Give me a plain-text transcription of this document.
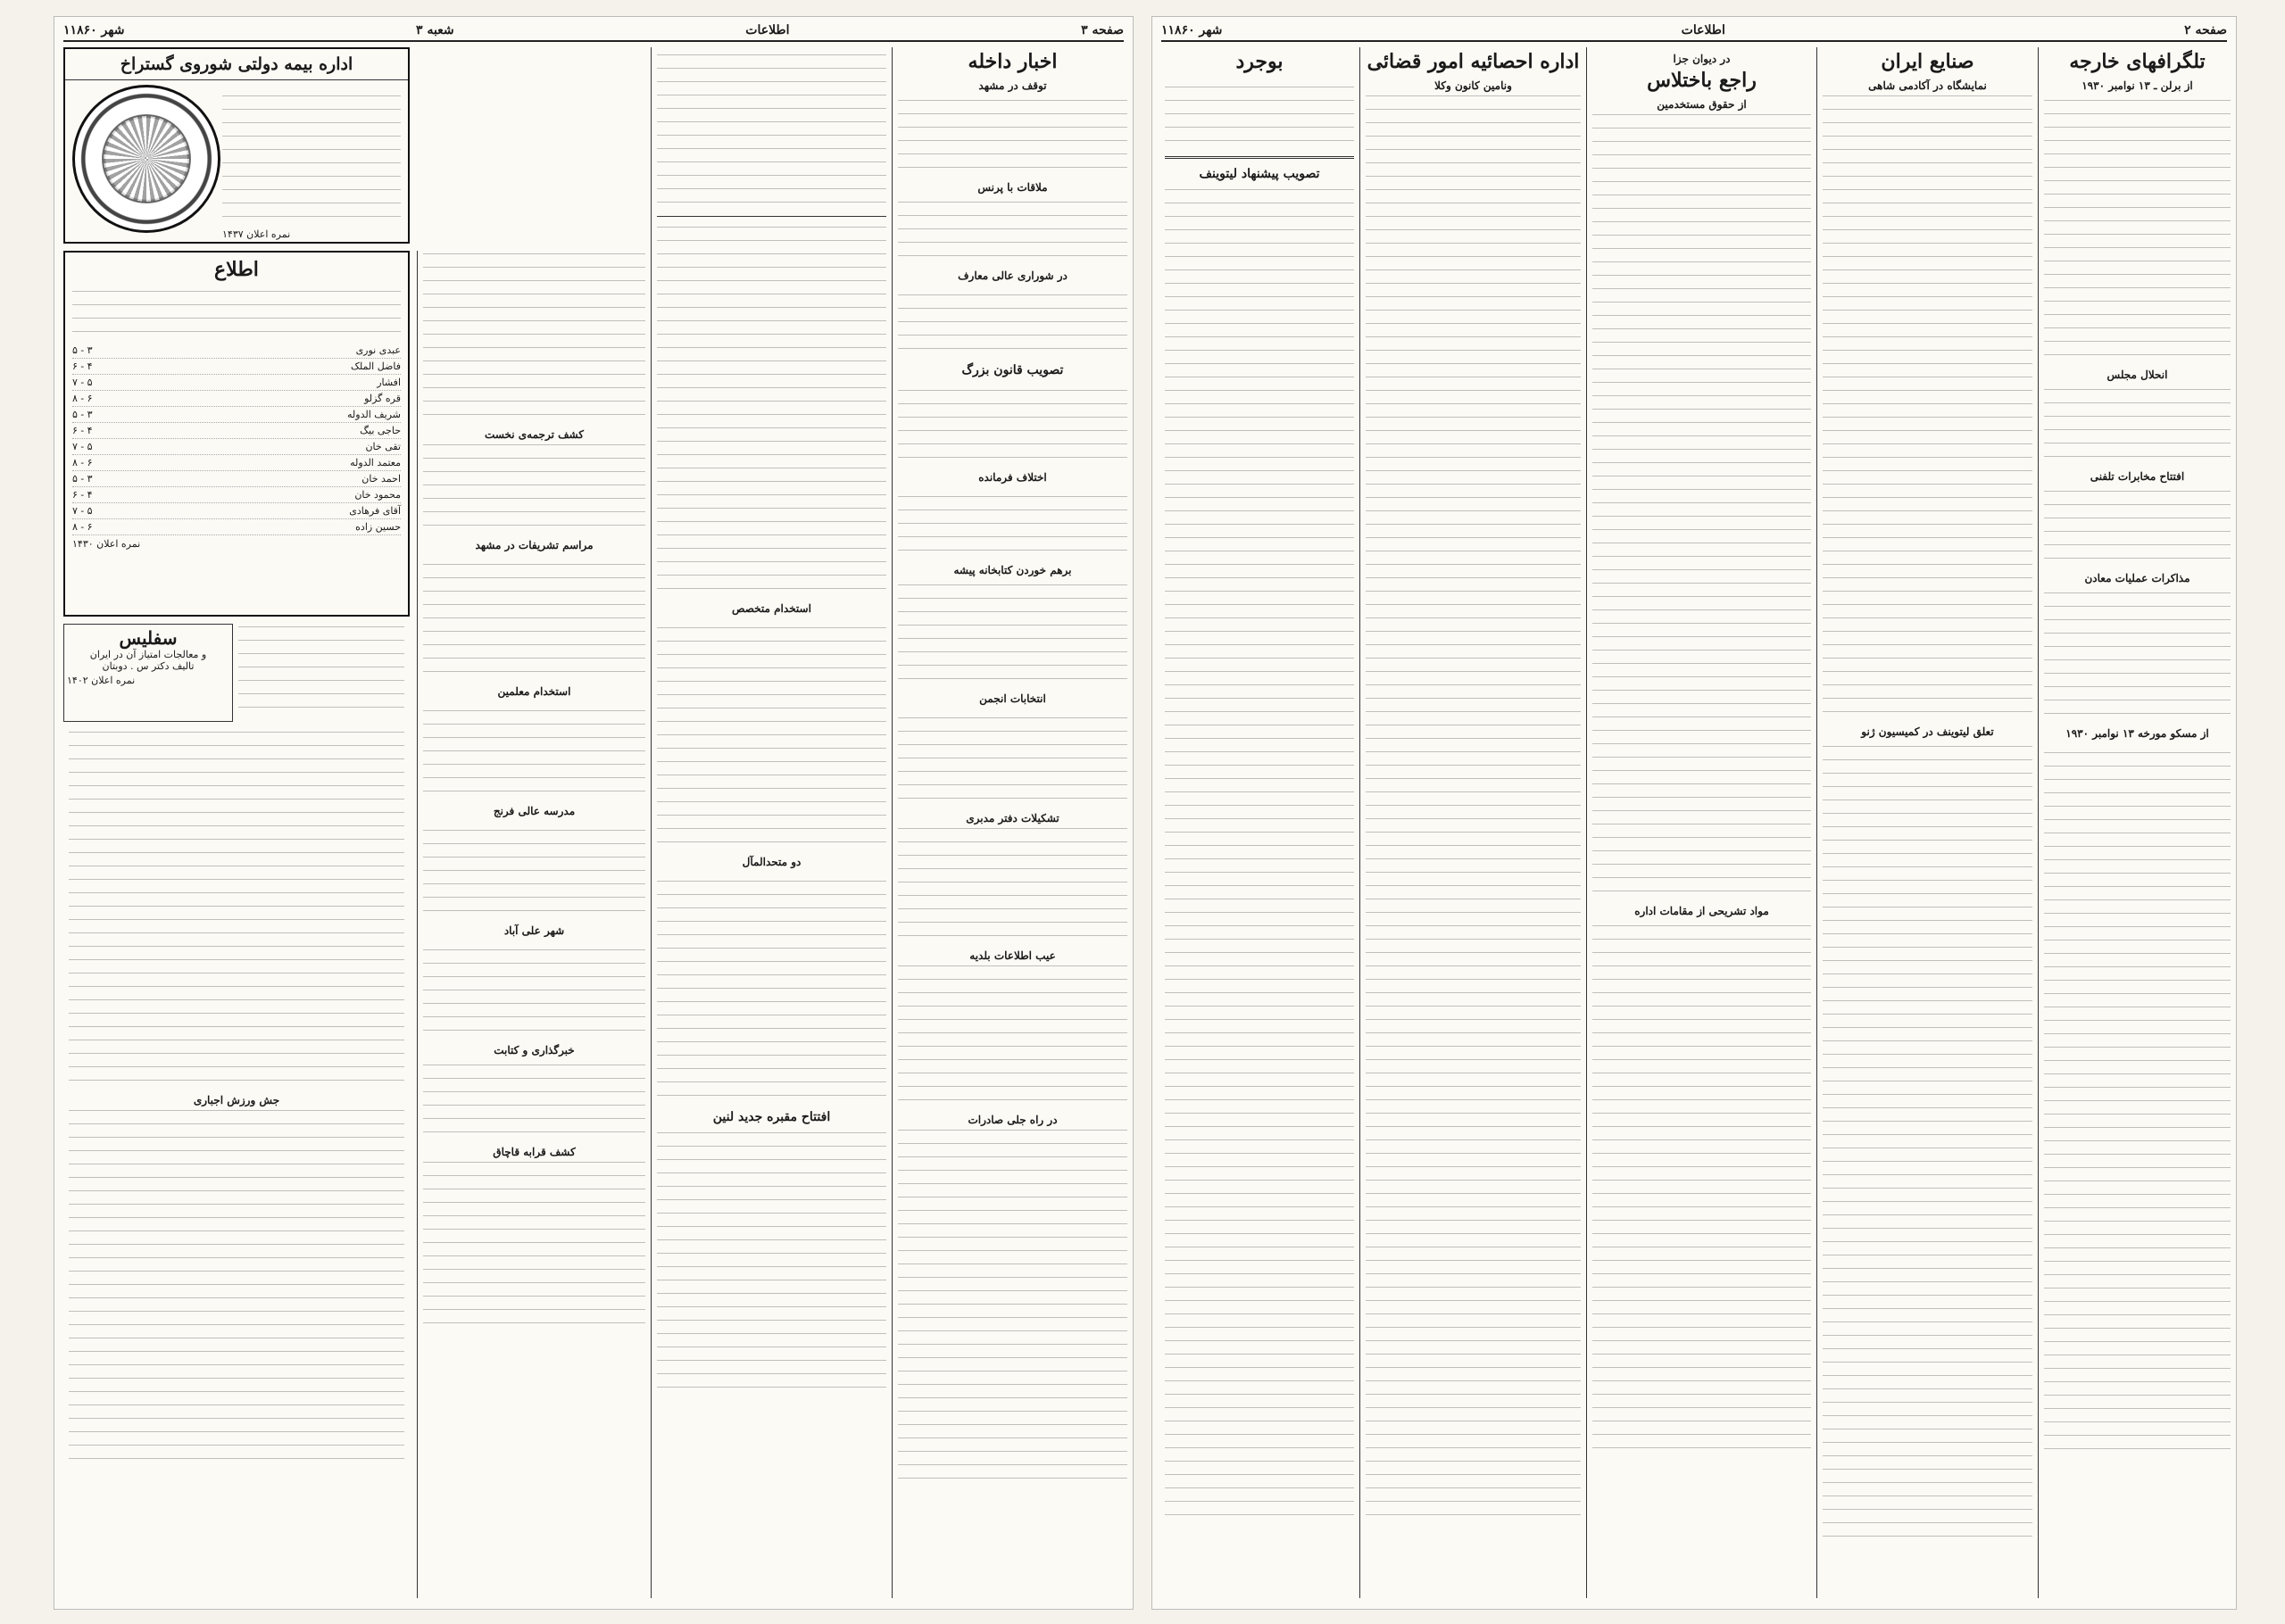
صفحه ۳
اطلاعات
شعبه ۳
شهر ۱۱۸۶۰
اخبار داخله
توقف در مشهد
ملاقات با پرنس
در شوراری عالی معارف
تصویب قانون بزرگ
اختلاف فرمانده
برهم خوردن کتابخانه پیشه
انتخابات انجمن
تشکیلات دفتر مدبری
عیب اطلاعات بلدیه
در راه جلی صادرات
استخدام متخصص
دو متحدالمآل
افتتاح مقبره جدید لنین
کشف ترجمه‌ی نخست
مراسم تشریفات در مشهد
استخدام معلمین
مدرسه عالی فرنج
شهر علی آباد
خبرگذاری و کتابت
کشف قرابه قاچاق
اداره بیمه دولتی شوروی گستراخ
نمره اعلان ۱۴۳۷
اطلاع
عبدی نوری
۳ - ۵
فاضل الملک
۴ - ۶
افشار
۵ - ۷
قره گزلو
۶ - ۸
شریف الدوله
۳ - ۵
حاجی بیگ
۴ - ۶
تقی خان
۵ - ۷
معتمد الدوله
۶ - ۸
احمد خان
۳ - ۵
محمود خان
۴ - ۶
آقای فرهادی
۵ - ۷
حسین زاده
۶ - ۸
نمره اعلان ۱۴۳۰
سفلیس
و معالجات امتیاز آن در ایران
تالیف دکتر س . دوبتان
نمره اعلان ۱۴۰۲
جش ورزش اجباری
صفحه ۲
اطلاعات
شهر ۱۱۸۶۰
تلگرافهای خارجه
از برلن ـ ۱۳ نوامبر ۱۹۳۰
انحلال مجلس
افتتاح مخابرات تلفنی
مذاکرات عملیات معادن
از مسکو مورخه ۱۳ نوامبر ۱۹۳۰
صنایع ایران
نمایشگاه در آکادمی شاهی
تعلق لیتوینف در کمیسیون ژنو
در دیوان جزا
راجع باختلاس
از حقوق مستخدمین
مواد تشریحی از مقامات اداره
اداره احصائیه امور قضائی
ونامین کانون وکلا
بوجرد
تصویب پیشنهاد لیتوینف
